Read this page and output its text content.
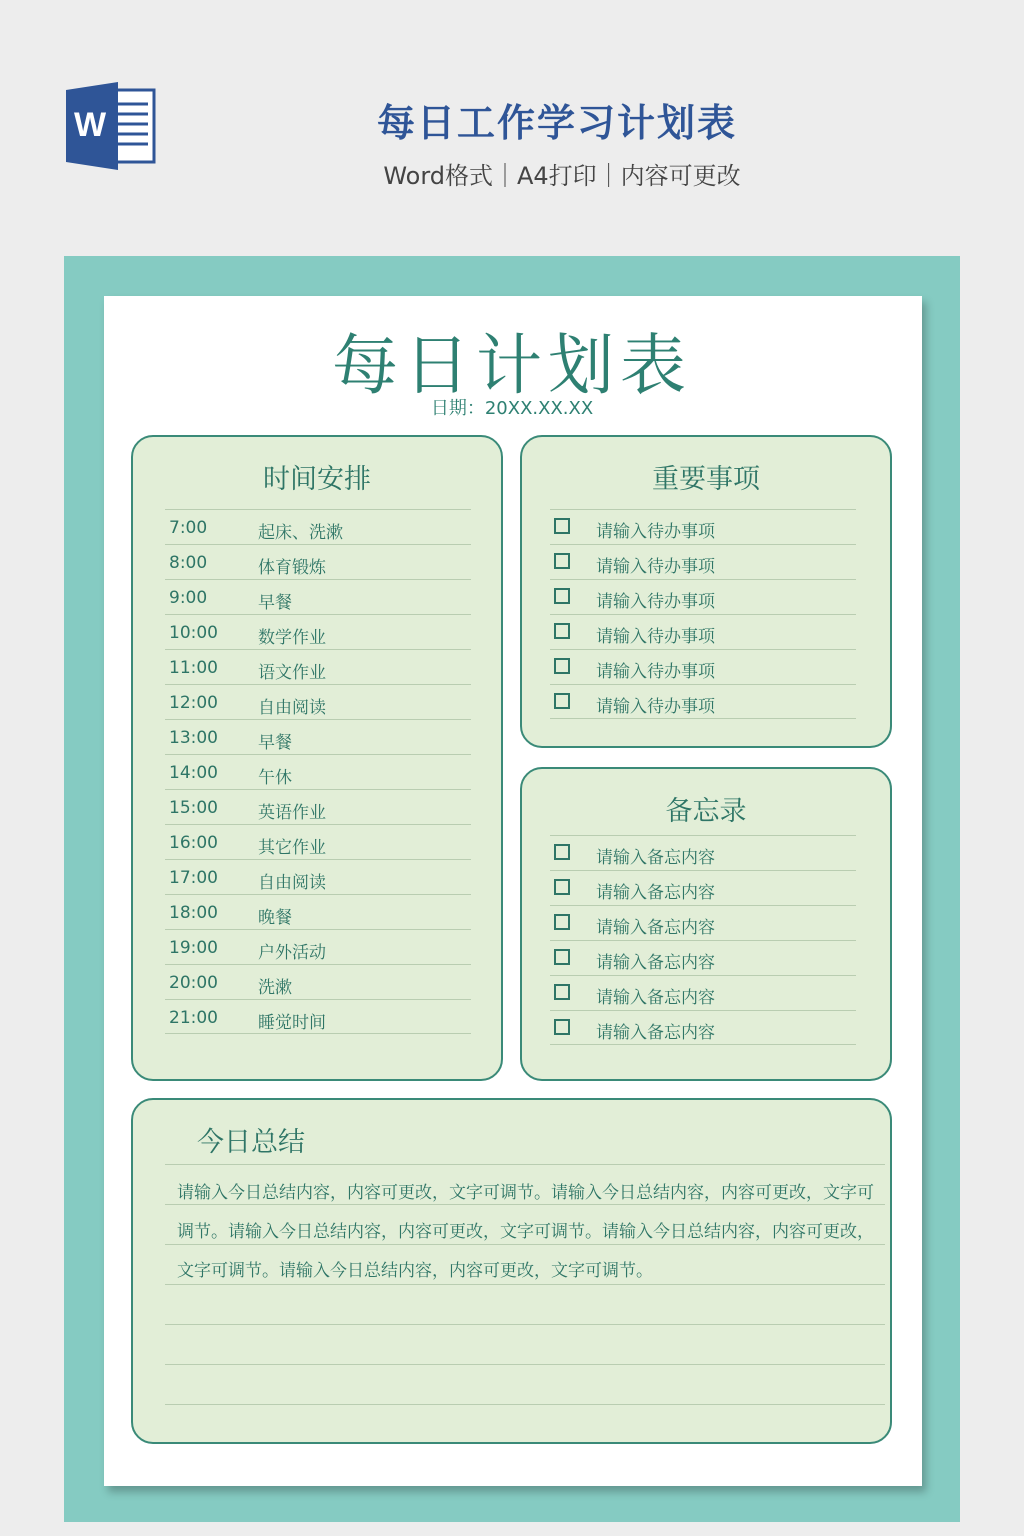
W	每日工作学习计划表
Word格式｜A4打印｜内容可更改
每日计划表
日期：20XX.XX.XX
时间安排
7:00	起床、洗漱
8:00	体育锻炼
9:00	早餐
10:00 数学作业
11:00 语文作业
12:00 自由阅读
13:00 早餐
14:00 午休
15:00 英语作业
16:00 其它作业
17:00 自由阅读
18:00 晚餐
19:00 户外活动
20:00 洗漱
21:00 睡觉时间
重要事项
请输入待办事项
请输入待办事项
请输入待办事项
请输入待办事项
请输入待办事项
请输入待办事项
备忘录
请输入备忘内容
请输入备忘内容
请输入备忘内容
请输入备忘内容
请输入备忘内容
请输入备忘内容
今日总结
请输入今日总结内容，内容可更改，文字可调节。请输入今日总结内容，内容可更改，文字可调节。请输入今日总结内容，内容可更改，文字可调节。请输入今日总结内容，内容可更改，文字可调节。请输入今日总结内容，内容可更改，文字可调节。
